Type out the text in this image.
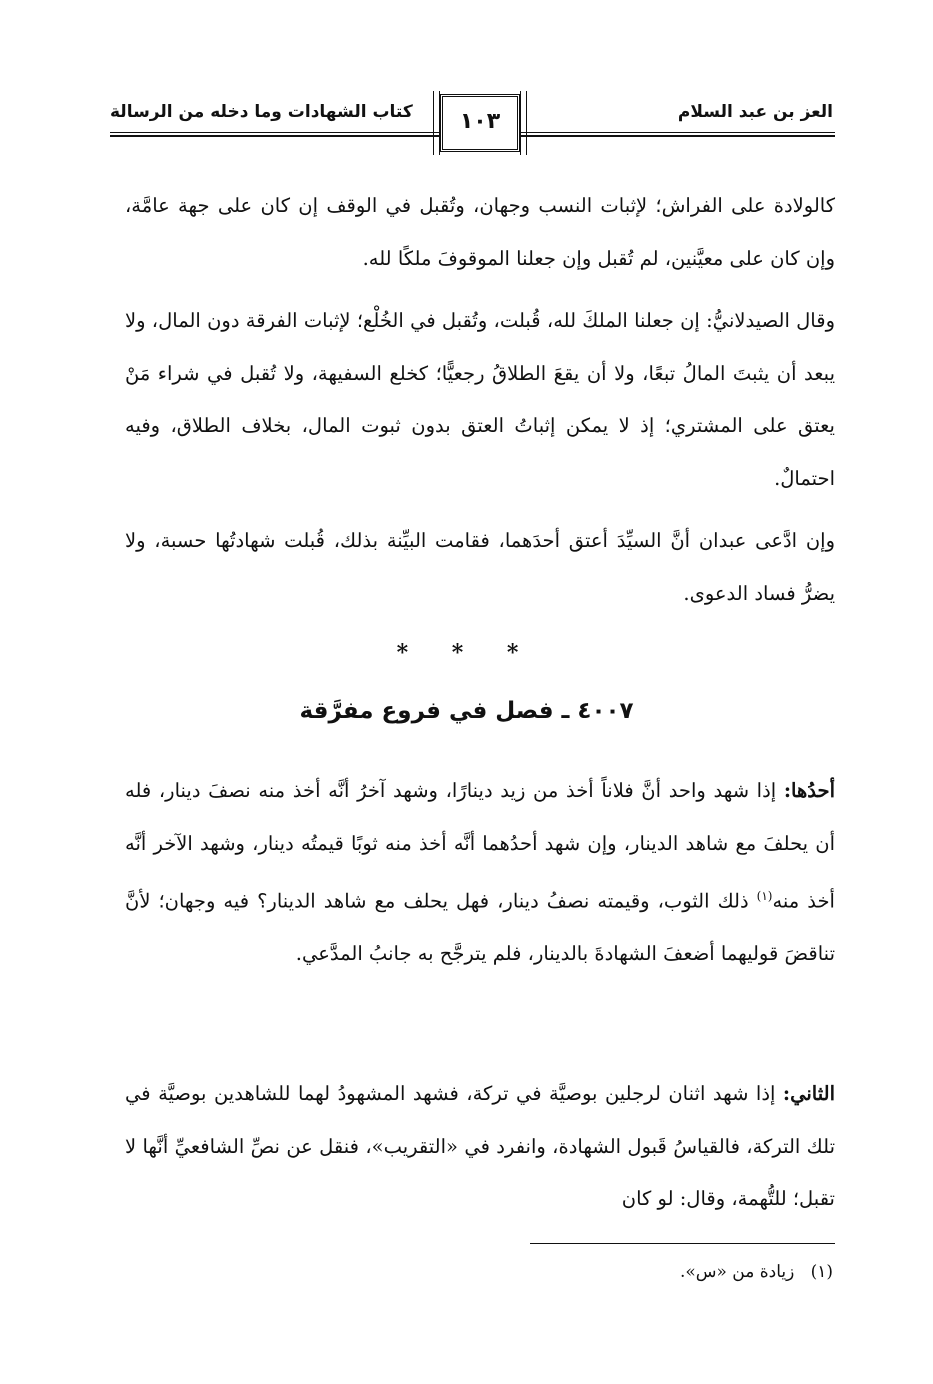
العز بن عبد السلام
كتاب الشهادات وما دخله من الرسالة	١٠٣
كالولادة على الفراش؛ لإثبات النسب وجهان، وتُقبل في الوقف إن كان على جهة عامَّة، وإن كان على معيَّنين، لم تُقبل وإن جعلنا الموقوفَ ملكًا لله.
وقال الصيدلانيُّ: إن جعلنا الملكَ لله، قُبلت، وتُقبل في الخُلْع؛ لإثبات الفرقة دون المال، ولا يبعد أن يثبتَ المالُ تبعًا، ولا أن يقعَ الطلاقُ رجعيًّا؛ كخلع السفيهة، ولا تُقبل في شراء مَنْ يعتق على المشتري؛ إذ لا يمكن إثباتُ العتق بدون ثبوت المال، بخلاف الطلاق، وفيه احتمالٌ.
وإن ادَّعى عبدان أنَّ السيِّدَ أعتق أحدَهما، فقامت البيِّنة بذلك، قُبلت شهادتُها حسبة، ولا يضرُّ فساد الدعوى.
* * *
٤٠٠٧ ـ فصل في فروع مفرَّقة
أحدُها: إذا شهد واحد أنَّ فلاناً أخذ من زيد دينارًا، وشهد آخرُ أنَّه أخذ منه نصفَ دينار، فله أن يحلفَ مع شاهد الدينار، وإن شهد أحدُهما أنَّه أخذ منه ثوبًا قيمتُه دينار، وشهد الآخر أنَّه أخذ منه$^{(١)}$ ذلك الثوب، وقيمته نصفُ دينار، فهل يحلف مع شاهد الدينار؟ فيه وجهان؛ لأنَّ تناقضَ قوليهما أضعفَ الشهادةَ بالدينار، فلم يترجَّح به جانبُ المدَّعي.
الثاني: إذا شهد اثنان لرجلين بوصيَّة في تركة، فشهد المشهودُ لهما للشاهدين بوصيَّة في تلك التركة، فالقياسُ قَبول الشهادة، وانفرد في «التقريب»، فنقل عن نصِّ الشافعيِّ أنَّها لا تقبل؛ للتُّهمة، وقال: لو كان
(١)   زيادة من «س».
